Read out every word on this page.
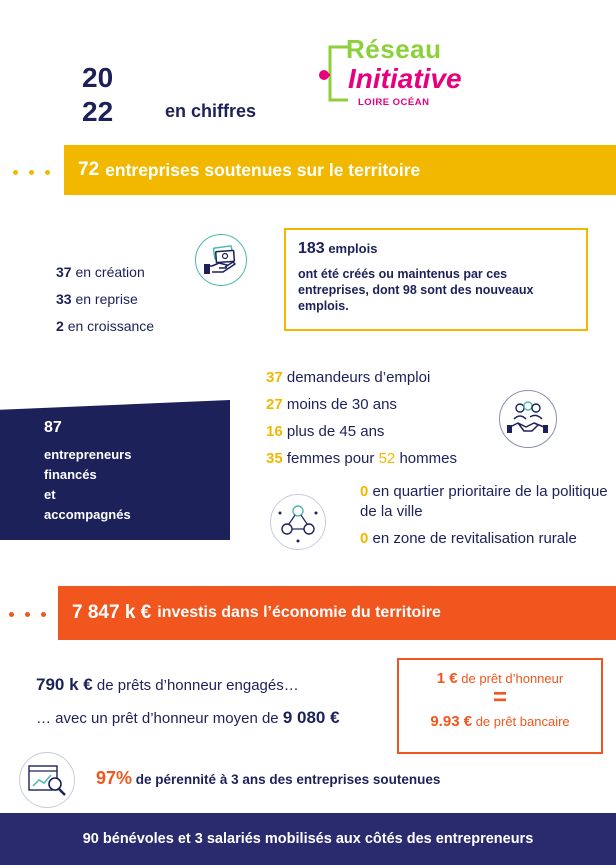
20
22	en chiffres
Réseau
Initiative
LOIRE OCÉAN
72 entreprises soutenues sur le territoire
37 en création
33 en reprise
2 en croissance
183 emplois
ont été créés ou maintenus par ces entreprises, dont 98 sont des nouveaux emplois.
87
entrepreneurs
financés
et
accompagnés
37 demandeurs d’emploi
27 moins de 30 ans
16 plus de 45 ans
35 femmes pour 52 hommes
0 en quartier prioritaire de la politique de la ville
0 en zone de revitalisation rurale
7 847 k € investis dans l’économie du territoire
790 k € de prêts d’honneur engagés…
… avec un prêt d’honneur moyen de 9 080 €
1 € de prêt d’honneur
=
9.93 € de prêt bancaire
97% de pérennité à 3 ans des entreprises soutenues
90 bénévoles et 3 salariés mobilisés aux côtés des entrepreneurs
